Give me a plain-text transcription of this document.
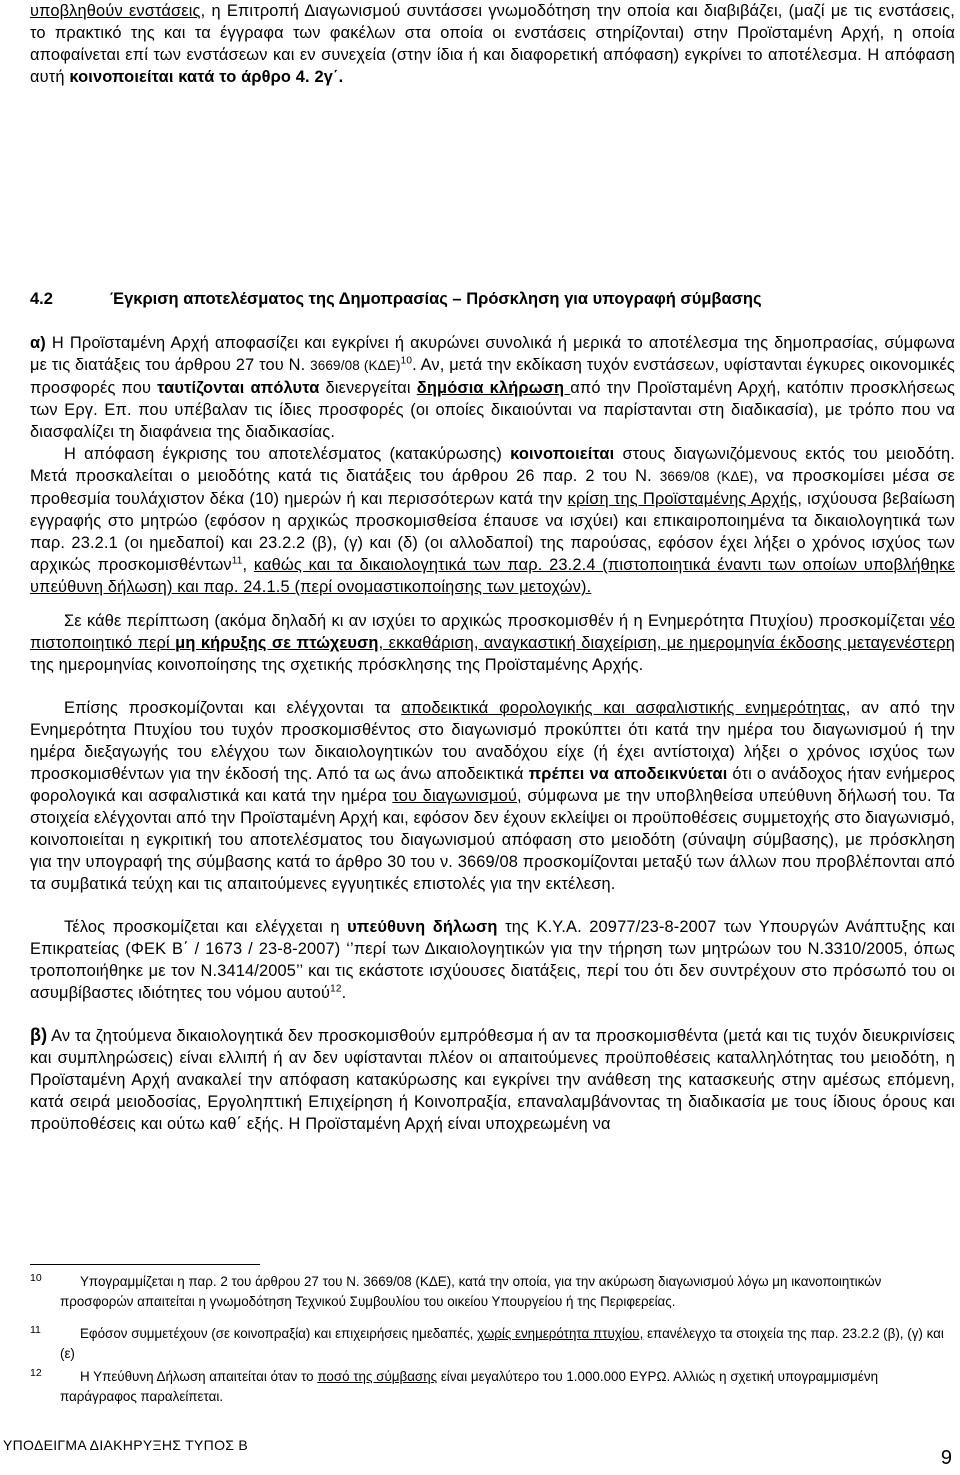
υποβληθούν ενστάσεις, η Επιτροπή Διαγωνισμού συντάσσει γνωμοδότηση την οποία και διαβιβάζει, (μαζί με τις ενστάσεις, το πρακτικό της και τα έγγραφα των φακέλων στα οποία οι ενστάσεις στηρίζονται) στην Προϊσταμένη Αρχή, η οποία αποφαίνεται επί των ενστάσεων και εν συνεχεία (στην ίδια ή και διαφορετική απόφαση) εγκρίνει το αποτέλεσμα. Η απόφαση αυτή κοινοποιείται κατά το άρθρο 4. 2γ΄.

4.2	Έγκριση αποτελέσματος της Δημοπρασίας – Πρόσκληση για υπογραφή σύμβασης

α) Η Προϊσταμένη Αρχή αποφασίζει και εγκρίνει ή ακυρώνει συνολικά ή μερικά το αποτέλεσμα της δημοπρασίας, σύμφωνα με τις διατάξεις του άρθρου 27 του Ν. 3669/08 $(K\Delta E)^{10}$. Αν, μετά την εκδίκαση τυχόν ενστάσεων, υφίστανται έγκυρες οικονομικές προσφορές που ταυτίζονται απόλυτα διενεργείται δημόσια κλήρωση από την Προϊσταμένη Αρχή, κατόπιν προσκλήσεως των Εργ. Επ. που υπέβαλαν τις ίδιες προσφορές (οι οποίες δικαιούνται να παρίστανται στη διαδικασία), με τρόπο που να διασφαλίζει τη διαφάνεια της διαδικασίας.

Η απόφαση έγκρισης του αποτελέσματος (κατακύρωσης) κοινοποιείται στους διαγωνιζόμενους εκτός του μειοδότη. Μετά προσκαλείται ο μειοδότης κατά τις διατάξεις του άρθρου 26 παρ. 2 του Ν. 3669/08 (ΚΔΕ), να προσκομίσει μέσα σε προθεσμία τουλάχιστον δέκα (10) ημερών ή και περισσότερων κατά την κρίση της Προϊσταμένης Αρχής, ισχύουσα βεβαίωση εγγραφής στο μητρώο (εφόσον η αρχικώς προσκομισθείσα έπαυσε να ισχύει) και επικαιροποιημένα τα δικαιολογητικά των παρ. 23.2.1 (οι ημεδαποί) και 23.2.2 (β), (γ) και (δ) (οι αλλοδαποί) της παρούσας, εφόσον έχει λήξει ο χρόνος ισχύος των αρχικώς προσκομισθέντων$^{11}$, καθώς και τα δικαιολογητικά των παρ. 23.2.4 (πιστοποιητικά έναντι των οποίων υποβλήθηκε υπεύθυνη δήλωση) και παρ. 24.1.5 (περί ονομαστικοποίησης των μετοχών).

Σε κάθε περίπτωση (ακόμα δηλαδή κι αν ισχύει το αρχικώς προσκομισθέν ή η Ενημερότητα Πτυχίου) προσκομίζεται νέο πιστοποιητικό περί μη κήρυξης σε πτώχευση, εκκαθάριση, αναγκαστική διαχείριση, με ημερομηνία έκδοσης μεταγενέστερη της ημερομηνίας κοινοποίησης της σχετικής πρόσκλησης της Προϊσταμένης Αρχής.

Επίσης προσκομίζονται και ελέγχονται τα αποδεικτικά φορολογικής και ασφαλιστικής ενημερότητας, αν από την Ενημερότητα Πτυχίου του τυχόν προσκομισθέντος στο διαγωνισμό προκύπτει ότι κατά την ημέρα του διαγωνισμού ή την ημέρα διεξαγωγής του ελέγχου των δικαιολογητικών του αναδόχου είχε (ή έχει αντίστοιχα) λήξει ο χρόνος ισχύος των προσκομισθέντων για την έκδοσή της. Από τα ως άνω αποδεικτικά πρέπει να αποδεικνύεται ότι ο ανάδοχος ήταν ενήμερος φορολογικά και ασφαλιστικά και κατά την ημέρα του διαγωνισμού, σύμφωνα με την υποβληθείσα υπεύθυνη δήλωσή του. Τα στοιχεία ελέγχονται από την Προϊσταμένη Αρχή και, εφόσον δεν έχουν εκλείψει οι προϋποθέσεις συμμετοχής στο διαγωνισμό, κοινοποιείται η εγκριτική του αποτελέσματος του διαγωνισμού απόφαση στο μειοδότη (σύναψη σύμβασης), με πρόσκληση για την υπογραφή της σύμβασης κατά το άρθρο 30 του ν. 3669/08 προσκομίζονται μεταξύ των άλλων που προβλέπονται από τα συμβατικά τεύχη και τις απαιτούμενες εγγυητικές επιστολές για την εκτέλεση.

Τέλος προσκομίζεται και ελέγχεται η υπεύθυνη δήλωση της Κ.Υ.Α. 20977/23-8-2007 των Υπουργών Ανάπτυξης και Επικρατείας (ΦΕΚ Β΄ / 1673 / 23-8-2007) ‘’περί των Δικαιολογητικών για την τήρηση των μητρώων του Ν.3310/2005, όπως τροποποιήθηκε με τον Ν.3414/2005’’ και τις εκάστοτε ισχύουσες διατάξεις, περί του ότι δεν συντρέχουν στο πρόσωπό του οι ασυμβίβαστες ιδιότητες του νόμου αυτού$^{12}$.

β) Αν τα ζητούμενα δικαιολογητικά δεν προσκομισθούν εμπρόθεσμα ή αν τα προσκομισθέντα (μετά και τις τυχόν διευκρινίσεις και συμπληρώσεις) είναι ελλιπή ή αν δεν υφίστανται πλέον οι απαιτούμενες προϋποθέσεις καταλληλότητας του μειοδότη, η Προϊσταμένη Αρχή ανακαλεί την απόφαση κατακύρωσης και εγκρίνει την ανάθεση της κατασκευής στην αμέσως επόμενη, κατά σειρά μειοδοσίας, Εργοληπτική Επιχείρηση ή Κοινοπραξία, επαναλαμβάνοντας τη διαδικασία με τους ίδιους όρους και προϋποθέσεις και ούτω καθ΄ εξής. Η Προϊσταμένη Αρχή είναι υποχρεωμένη να

10	Υπογραμμίζεται η παρ. 2 του άρθρου 27 του Ν. 3669/08 (ΚΔΕ), κατά την οποία, για την ακύρωση διαγωνισμού λόγω μη ικανοποιητικών προσφορών απαιτείται η γνωμοδότηση Τεχνικού Συμβουλίου του οικείου Υπουργείου ή της Περιφερείας.
11	Εφόσον συμμετέχουν (σε κοινοπραξία) και επιχειρήσεις ημεδαπές, χωρίς ενημερότητα πτυχίου, επανέλεγχο τα στοιχεία της παρ. 23.2.2 (β), (γ) και (ε)
12	Η Υπεύθυνη Δήλωση απαιτείται όταν το ποσό της σύμβασης είναι μεγαλύτερο του 1.000.000 ΕΥΡΩ. Αλλιώς η σχετική υπογραμμισμένη παράγραφος παραλείπεται.
ΥΠΟΔΕΙΓΜΑ ΔΙΑΚΗΡΥΞΗΣ ΤΥΠΟΣ Β
9
